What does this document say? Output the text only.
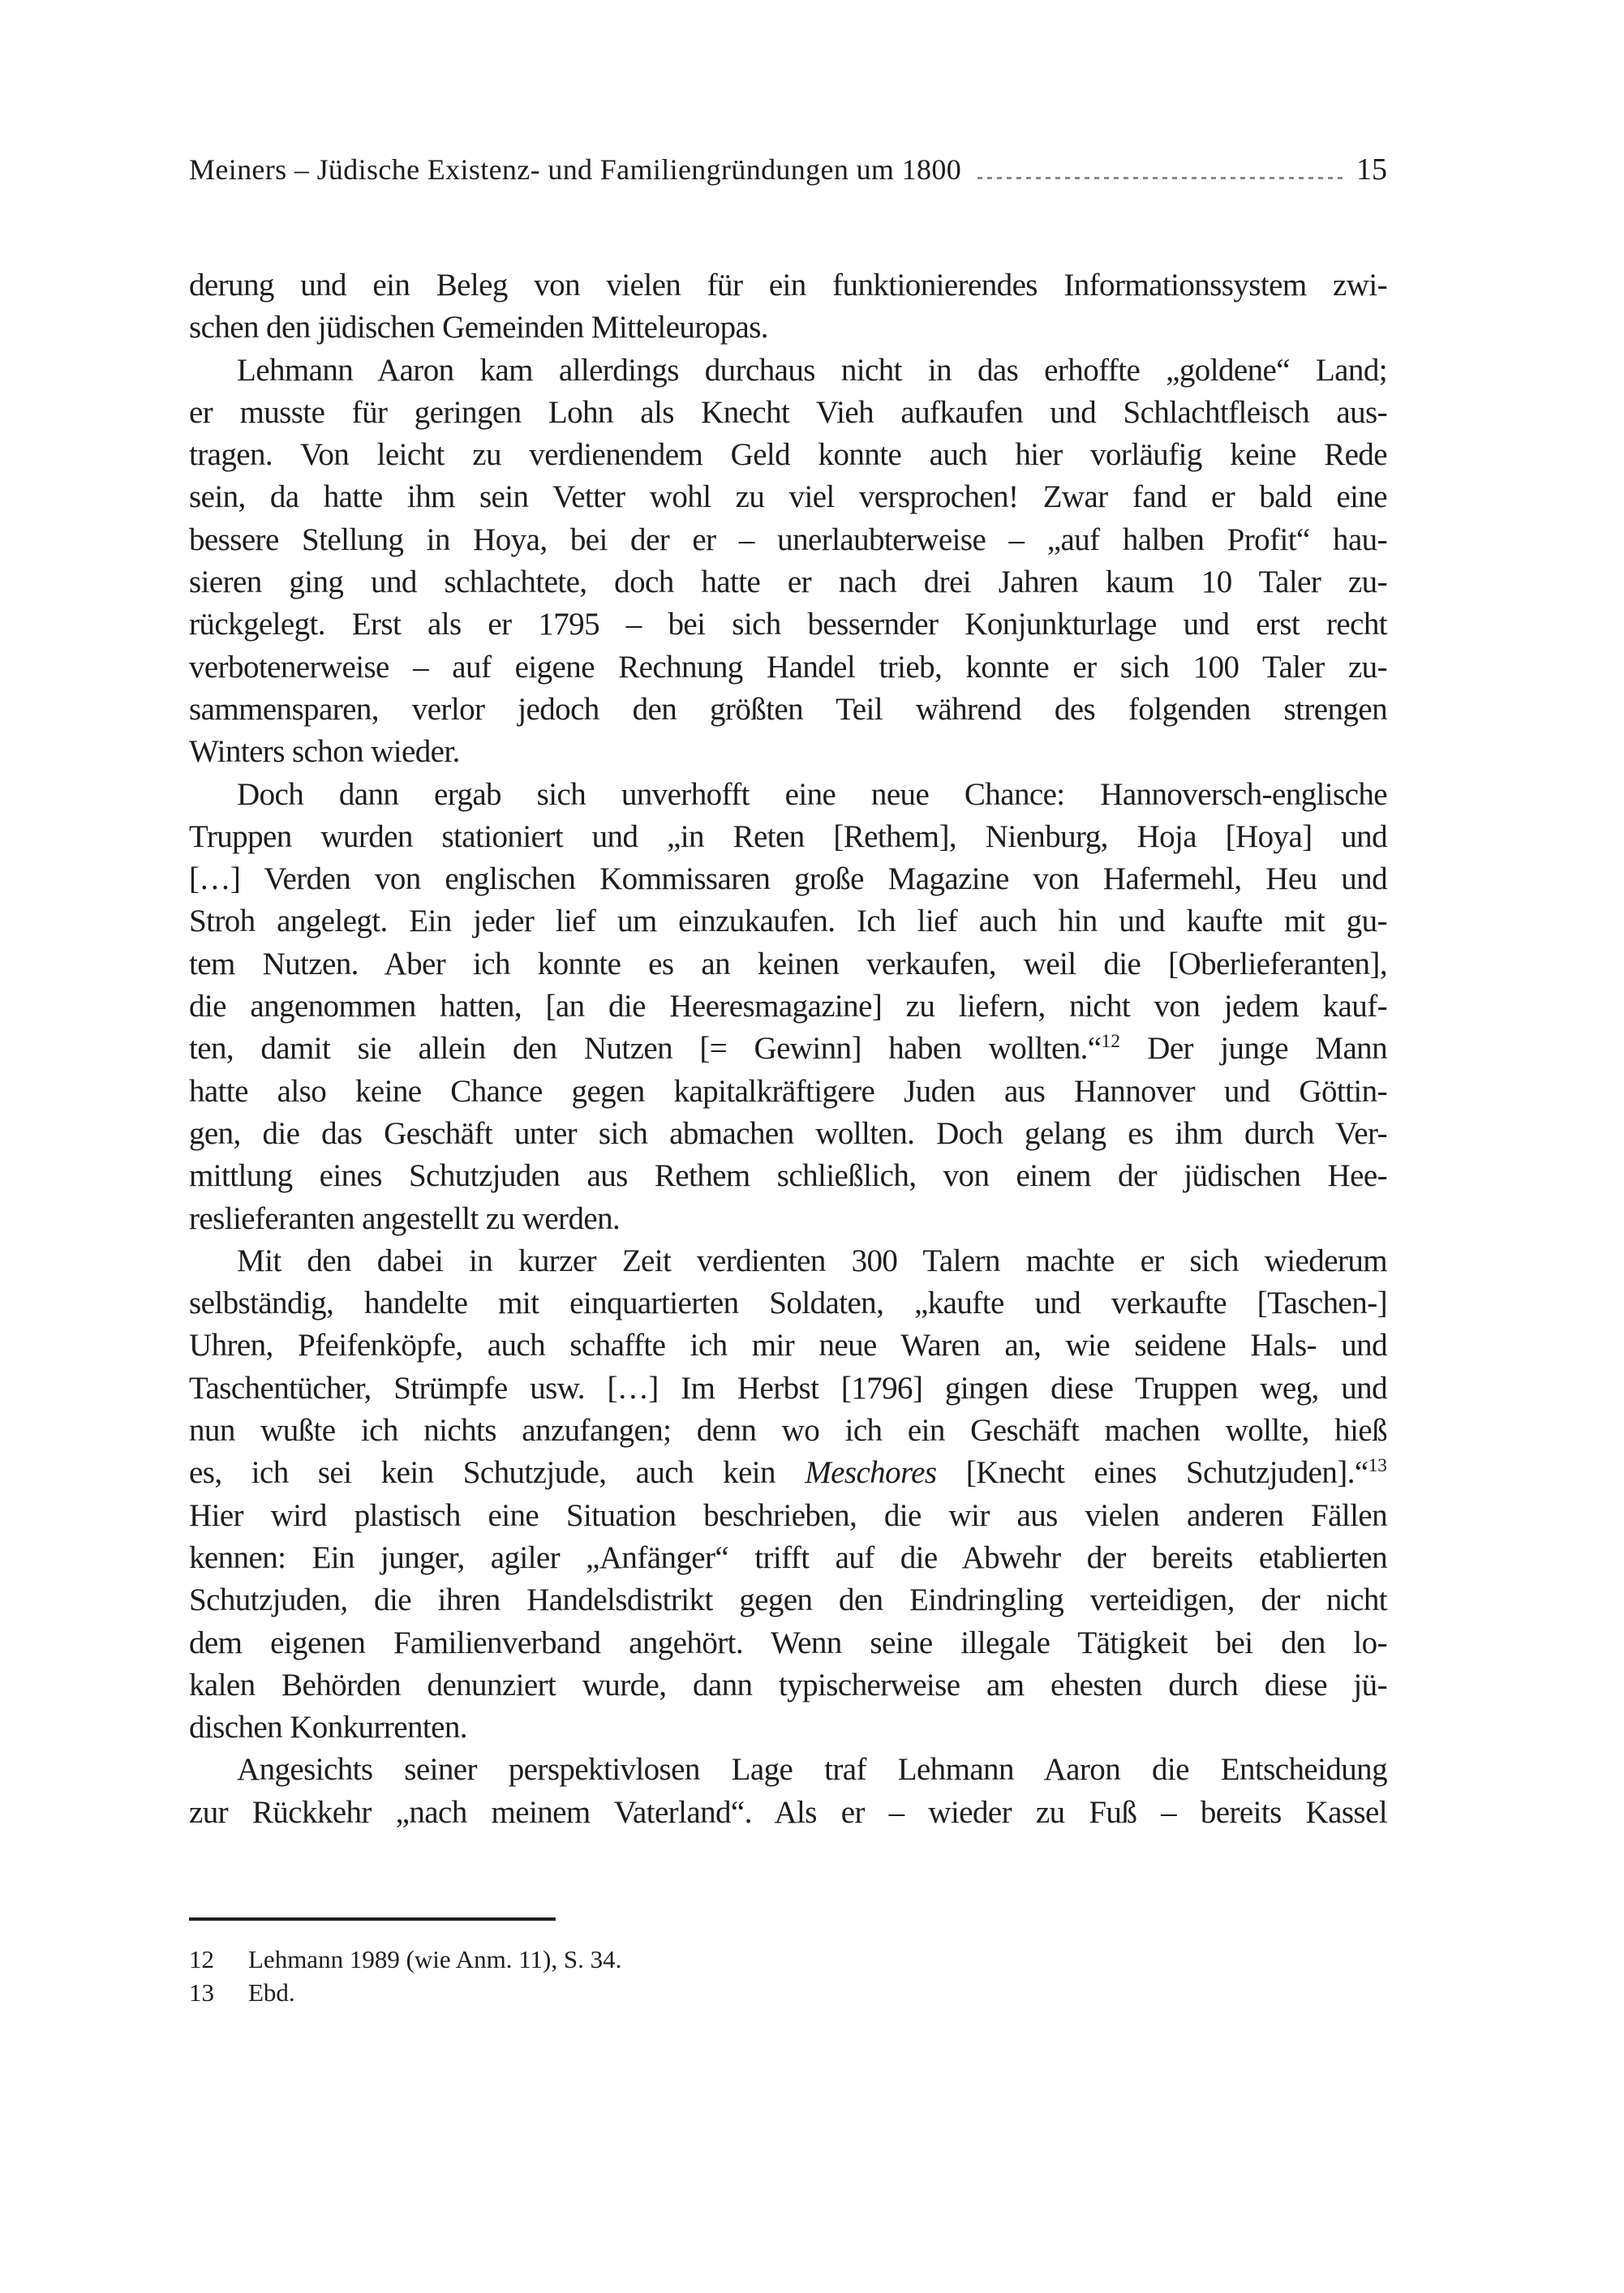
Meiners – Jüdische Existenz- und Familiengründungen um 1800	15
derung und ein Beleg von vielen für ein funktionierendes Informationssystem zwi-
schen den jüdischen Gemeinden Mitteleuropas.
Lehmann Aaron kam allerdings durchaus nicht in das erhoffte „goldene“ Land;
er musste für geringen Lohn als Knecht Vieh aufkaufen und Schlachtfleisch aus-
tragen. Von leicht zu verdienendem Geld konnte auch hier vorläufig keine Rede
sein, da hatte ihm sein Vetter wohl zu viel versprochen! Zwar fand er bald eine
bessere Stellung in Hoya, bei der er – unerlaubterweise – „auf halben Profit“ hau-
sieren ging und schlachtete, doch hatte er nach drei Jahren kaum 10 Taler zu-
rückgelegt. Erst als er 1795 – bei sich bessernder Konjunkturlage und erst recht
verbotenerweise – auf eigene Rechnung Handel trieb, konnte er sich 100 Taler zu-
sammensparen, verlor jedoch den größten Teil während des folgenden strengen
Winters schon wieder.
Doch dann ergab sich unverhofft eine neue Chance: Hannoversch-englische
Truppen wurden stationiert und „in Reten [Rethem], Nienburg, Hoja [Hoya] und
[…] Verden von englischen Kommissaren große Magazine von Hafermehl, Heu und
Stroh angelegt. Ein jeder lief um einzukaufen. Ich lief auch hin und kaufte mit gu-
tem Nutzen. Aber ich konnte es an keinen verkaufen, weil die [Oberlieferanten],
die angenommen hatten, [an die Heeresmagazine] zu liefern, nicht von jedem kauf-
ten, damit sie allein den Nutzen [= Gewinn] haben wollten.“$^{12}$ Der junge Mann
hatte also keine Chance gegen kapitalkräftigere Juden aus Hannover und Göttin-
gen, die das Geschäft unter sich abmachen wollten. Doch gelang es ihm durch Ver-
mittlung eines Schutzjuden aus Rethem schließlich, von einem der jüdischen Hee-
reslieferanten angestellt zu werden.
Mit den dabei in kurzer Zeit verdienten 300 Talern machte er sich wiederum
selbständig, handelte mit einquartierten Soldaten, „kaufte und verkaufte [Taschen-]
Uhren, Pfeifenköpfe, auch schaffte ich mir neue Waren an, wie seidene Hals- und
Taschentücher, Strümpfe usw. […] Im Herbst [1796] gingen diese Truppen weg, und
nun wußte ich nichts anzufangen; denn wo ich ein Geschäft machen wollte, hieß
es, ich sei kein Schutzjude, auch kein Meschores [Knecht eines Schutzjuden].“$^{13}$
Hier wird plastisch eine Situation beschrieben, die wir aus vielen anderen Fällen
kennen: Ein junger, agiler „Anfänger“ trifft auf die Abwehr der bereits etablierten
Schutzjuden, die ihren Handelsdistrikt gegen den Eindringling verteidigen, der nicht
dem eigenen Familienverband angehört. Wenn seine illegale Tätigkeit bei den lo-
kalen Behörden denunziert wurde, dann typischerweise am ehesten durch diese jü-
dischen Konkurrenten.
Angesichts seiner perspektivlosen Lage traf Lehmann Aaron die Entscheidung
zur Rückkehr „nach meinem Vaterland“. Als er – wieder zu Fuß – bereits Kassel
12	Lehmann 1989 (wie Anm. 11), S. 34.
13	Ebd.
